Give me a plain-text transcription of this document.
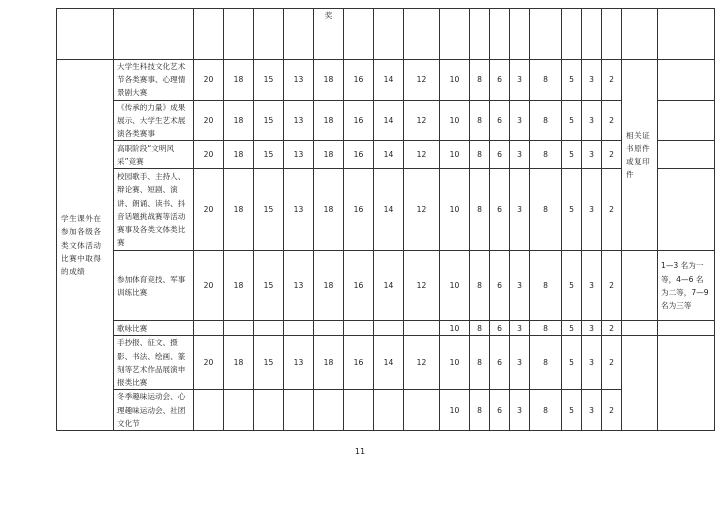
						奖													
学生课外在参加各级各类文体活动比赛中取得的成绩	大学生科技文化艺术节各类赛事、心理情景剧大赛	20	18	15	13	18	16	14	12	10	8	6	3	8	5	3	2	相关证书原件或复印件	
	《传承的力量》成果展示、大学生艺术展演各类赛事	20	18	15	13	18	16	14	12	10	8	6	3	8	5	3	2		
	高职阶段“文明风采”竞赛	20	18	15	13	18	16	14	12	10	8	6	3	8	5	3	2		
	校园歌手、主持人、辩论赛、短剧、演讲、朗诵、读书、抖音话题挑战赛等活动赛事及各类文体类比赛	20	18	15	13	18	16	14	12	10	8	6	3	8	5	3	2		
	参加体育竞技、军事训练比赛	20	18	15	13	18	16	14	12	10	8	6	3	8	5	3	2		1—3 名为一等，4—6 名为二等，7—9 名为三等
	歌咏比赛									10	8	6	3	8	5	3	2		
	手抄报、征文、摄影、书法、绘画、篆刻等艺术作品展演申报类比赛	20	18	15	13	18	16	14	12	10	8	6	3	8	5	3	2		
	冬季趣味运动会、心理趣味运动会、社团文化节									10	8	6	3	8	5	3	2		
11
